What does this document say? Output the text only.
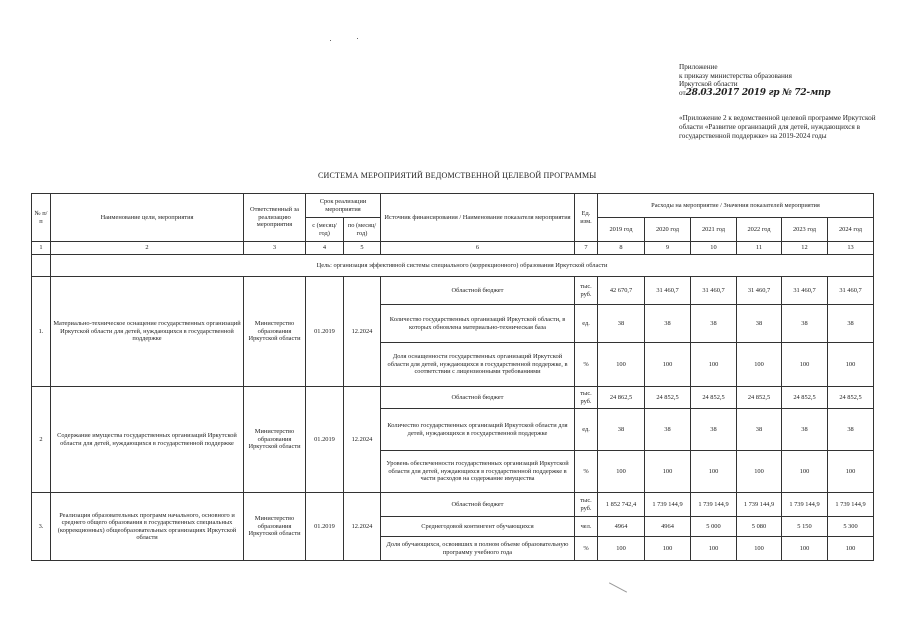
Приложение
к приказу министерства образования
Иркутской области
от28.03.2017 2019 гр № 72-мпр
«Приложение 2 к ведомственной целевой программе Иркутской области «Развитие организаций для детей, нуждающихся в государственной поддержке» на 2019-2024 годы
СИСТЕМА МЕРОПРИЯТИЙ ВЕДОМСТВЕННОЙ ЦЕЛЕВОЙ ПРОГРАММЫ
№ п/п	Наименование цели, мероприятия	Ответственный за реализацию мероприятия	Срок реализации мероприятия		Источник финансирования / Наименование показателя мероприятия	Ед. изм.	Расходы на мероприятие / Значения показателей мероприятия					
			с (месяц/ год)	по (месяц/ год)			2019 год	2020 год	2021 год	2022 год	2023 год	2024 год
1	2	3	4	5	6	7	8	9	10	11	12	13
	Цель: организация эффективной системы специального (коррекционного) образования Иркутской области											
1.	Материально-техническое оснащение государственных организаций Иркутской области для детей, нуждающихся в государственной поддержке	Министерство образования Иркутской области	01.2019	12.2024	Областной бюджет	тыс. руб.	42 670,7	31 460,7	31 460,7	31 460,7	31 460,7	31 460,7
					Количество государственных организаций Иркутской области, в которых обновлена материально-техническая база	ед.	38	38	38	38	38	38
					Доля оснащенности государственных организаций Иркутской области для детей, нуждающихся в государственной поддержке, в соответствии с лицензионными требованиями	%	100	100	100	100	100	100
2	Содержание имущества государственных организаций Иркутской области для детей, нуждающихся в государственной поддержке	Министерство образования Иркутской области	01.2019	12.2024	Областной бюджет	тыс. руб.	24 862,5	24 852,5	24 852,5	24 852,5	24 852,5	24 852,5
					Количество государственных организаций Иркутской области для детей, нуждающихся в государственной поддержке	ед.	38	38	38	38	38	38
					Уровень обеспеченности государственных организаций Иркутской области для детей, нуждающихся в государственной поддержке в части расходов на содержание имущества	%	100	100	100	100	100	100
3.	Реализация образовательных программ начального, основного и среднего общего образования в государственных специальных (коррекционных) общеобразовательных организациях Иркутской области	Министерство образования Иркутской области	01.2019	12.2024	Областной бюджет	тыс. руб.	1 852 742,4	1 739 144,9	1 739 144,9	1 739 144,9	1 739 144,9	1 739 144,9
					Среднегодовой контингент обучающихся	чел.	4964	4964	5 000	5 080	5 150	5 300
					Доля обучающихся, освоивших в полном объеме образовательную программу учебного года	%	100	100	100	100	100	100
